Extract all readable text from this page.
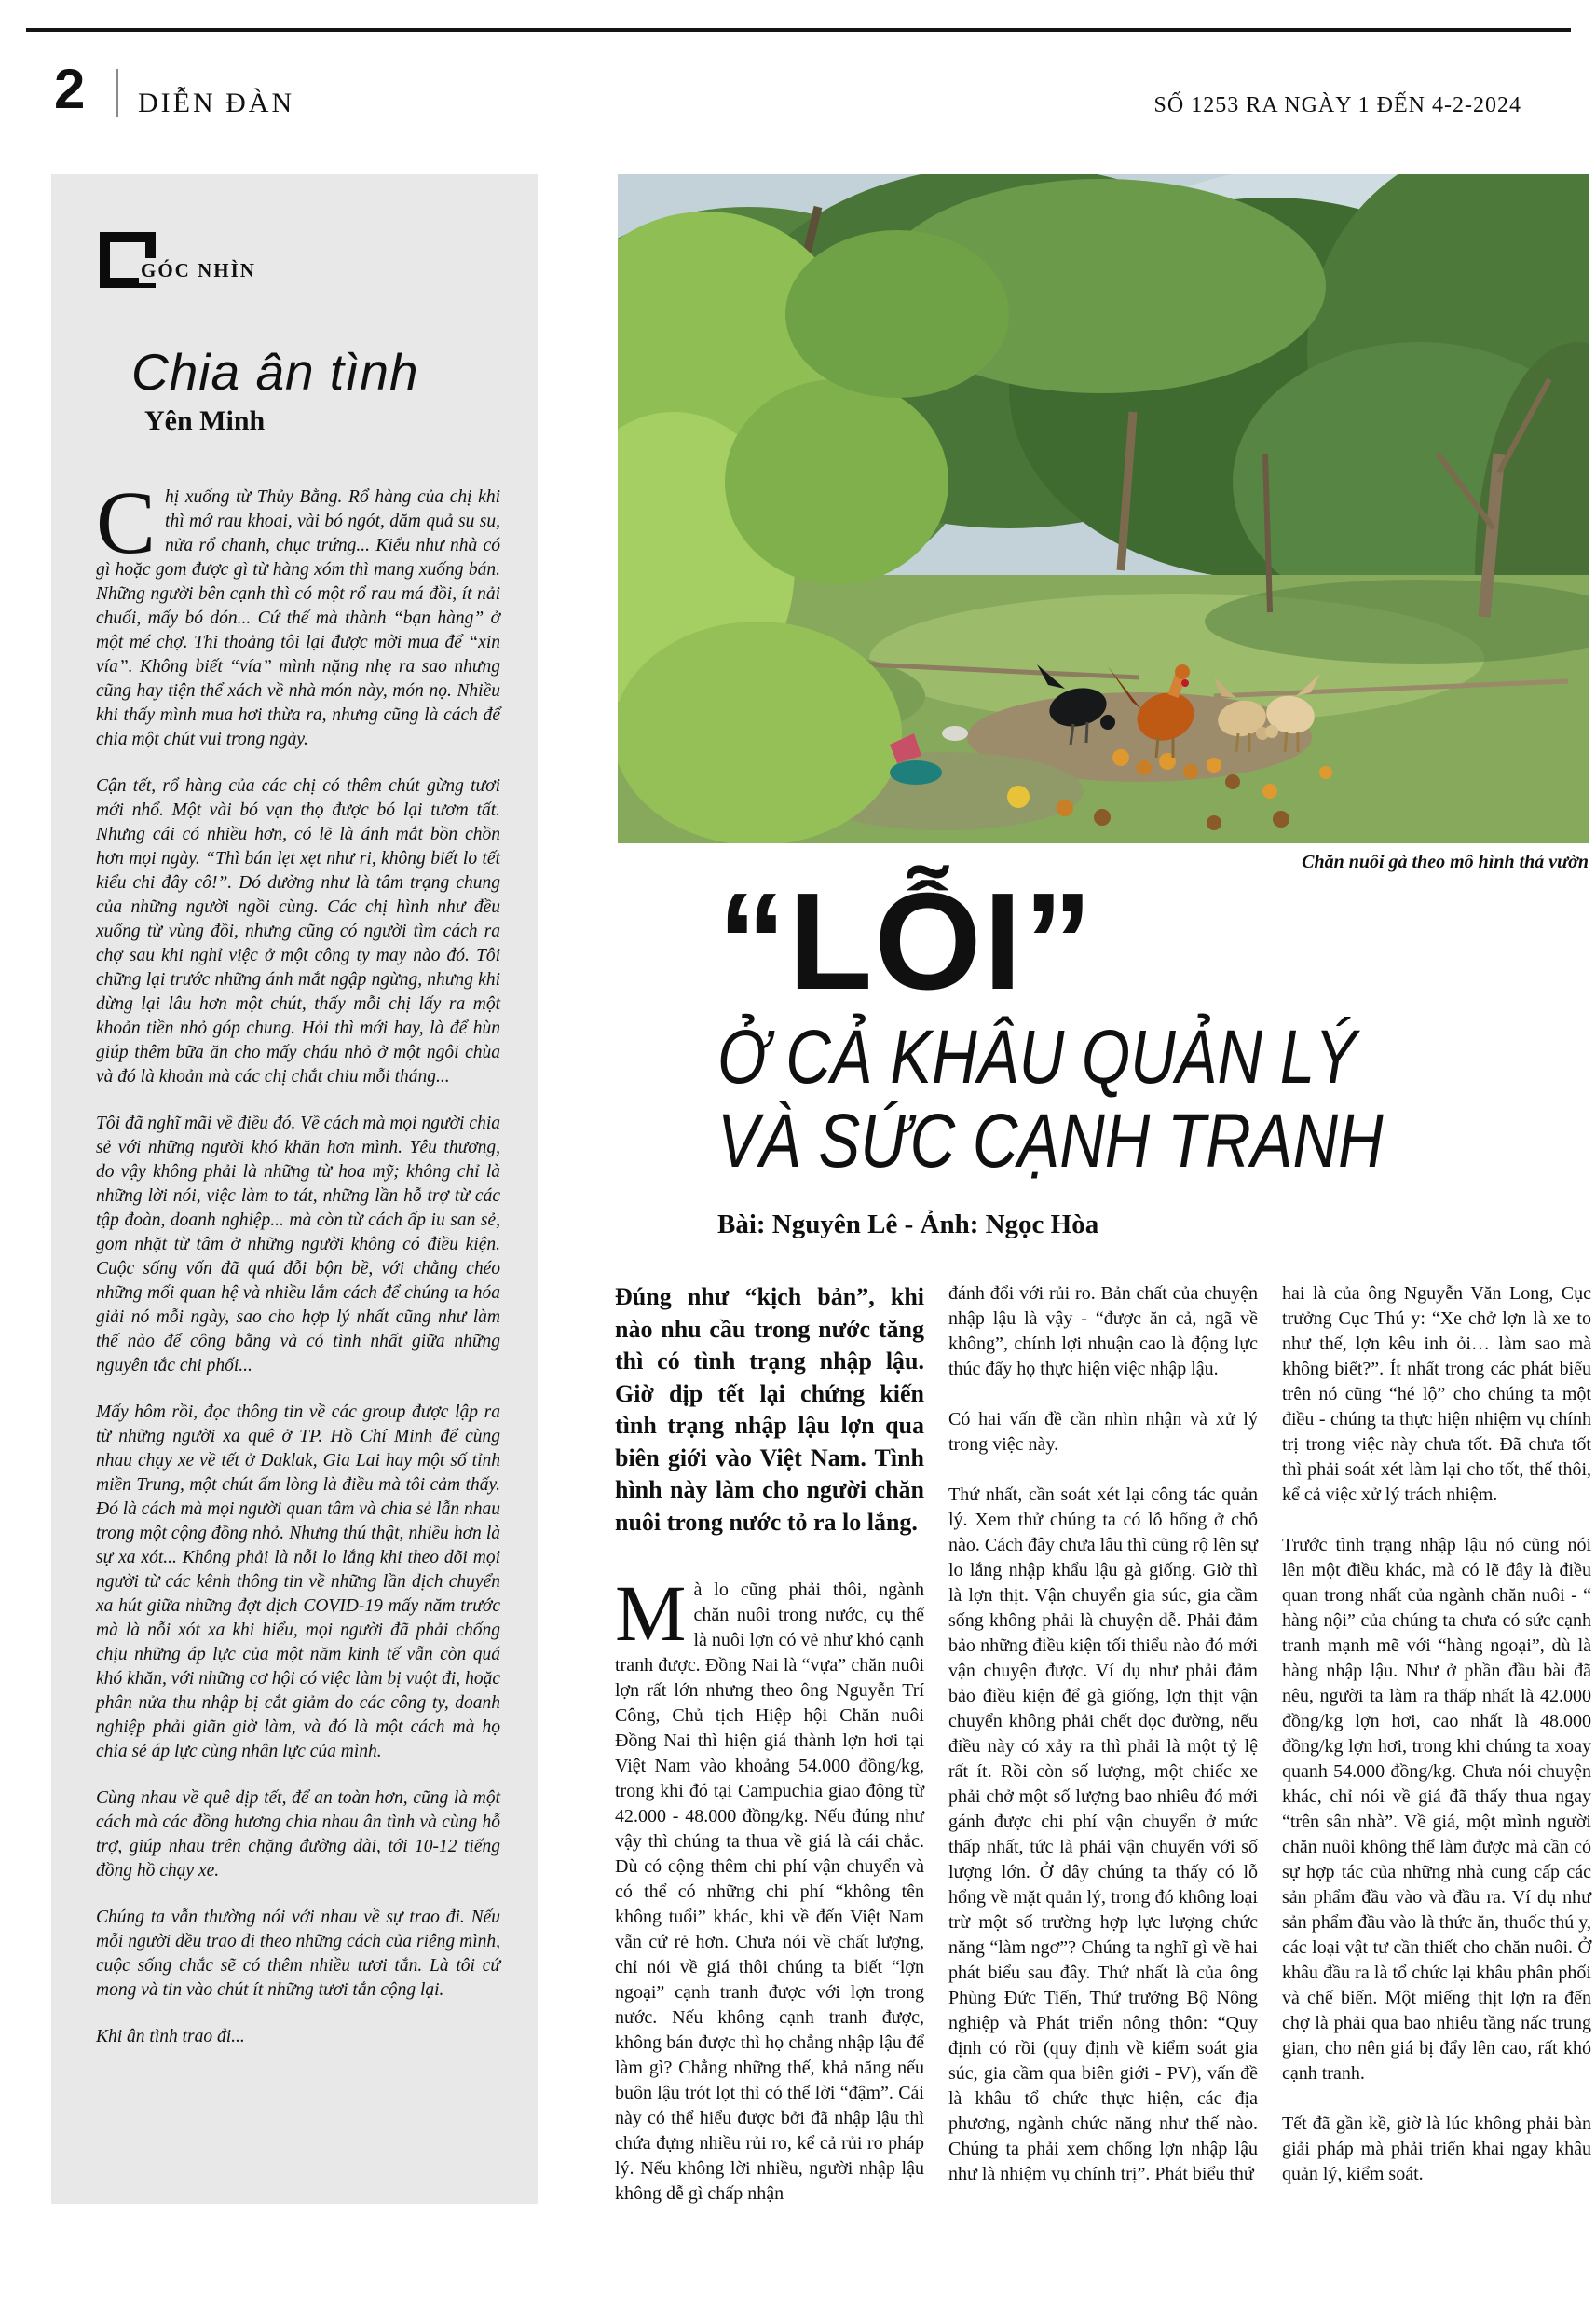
2 DIỄN ĐÀN	SỐ 1253 RA NGÀY 1 ĐẾN 4-2-2024
GÓC NHÌN
Chia ân tình
Yên Minh

Chị xuống từ Thủy Bằng. Rổ hàng của chị khi thì mớ rau khoai, vài bó ngót, dăm quả su su, nửa rổ chanh, chục trứng... Kiểu như nhà có gì hoặc gom được gì từ hàng xóm thì mang xuống bán. Những người bên cạnh thì có một rổ rau má đồi, ít nải chuối, mấy bó dón... Cứ thế mà thành “bạn hàng” ở một mé chợ. Thi thoảng tôi lại được mời mua để “xin vía”. Không biết “vía” mình nặng nhẹ ra sao nhưng cũng hay tiện thể xách về nhà món này, món nọ. Nhiều khi thấy mình mua hơi thừa ra, nhưng cũng là cách để chia một chút vui trong ngày.

Cận tết, rổ hàng của các chị có thêm chút gừng tươi mới nhổ. Một vài bó vạn thọ được bó lại tươm tất. Nhưng cái có nhiều hơn, có lẽ là ánh mắt bồn chồn hơn mọi ngày. “Thì bán lẹt xẹt như ri, không biết lo tết kiểu chi đây cô!”. Đó dường như là tâm trạng chung của những người ngồi cùng. Các chị hình như đều xuống từ vùng đồi, nhưng cũng có người tìm cách ra chợ sau khi nghỉ việc ở một công ty may nào đó. Tôi chững lại trước những ánh mắt ngập ngừng, nhưng khi dừng lại lâu hơn một chút, thấy mỗi chị lấy ra một khoản tiền nhỏ góp chung. Hỏi thì mới hay, là để hùn giúp thêm bữa ăn cho mấy cháu nhỏ ở một ngôi chùa và đó là khoản mà các chị chắt chiu mỗi tháng...

Tôi đã nghĩ mãi về điều đó. Về cách mà mọi người chia sẻ với những người khó khăn hơn mình. Yêu thương, do vậy không phải là những từ hoa mỹ; không chỉ là những lời nói, việc làm to tát, những lần hỗ trợ từ các tập đoàn, doanh nghiệp... mà còn từ cách ấp iu san sẻ, gom nhặt từ tâm ở những người không có điều kiện. Cuộc sống vốn đã quá đỗi bộn bề, với chằng chéo những mối quan hệ và nhiều lắm cách để chúng ta hóa giải nó mỗi ngày, sao cho hợp lý nhất cũng như làm thế nào để công bằng và có tình nhất giữa những nguyên tắc chi phối...

Mấy hôm rồi, đọc thông tin về các group được lập ra từ những người xa quê ở TP. Hồ Chí Minh để cùng nhau chạy xe về tết ở Daklak, Gia Lai hay một số tỉnh miền Trung, một chút ấm lòng là điều mà tôi cảm thấy. Đó là cách mà mọi người quan tâm và chia sẻ lẫn nhau trong một cộng đồng nhỏ. Nhưng thú thật, nhiều hơn là sự xa xót... Không phải là nỗi lo lắng khi theo dõi mọi người từ các kênh thông tin về những lần dịch chuyển xa hút giữa những đợt dịch COVID-19 mấy năm trước mà là nỗi xót xa khi hiểu, mọi người đã phải chống chịu những áp lực của một năm kinh tế vẫn còn quá khó khăn, với những cơ hội có việc làm bị vuột đi, hoặc phân nửa thu nhập bị cắt giảm do các công ty, doanh nghiệp phải giãn giờ làm, và đó là một cách mà họ chia sẻ áp lực cùng nhân lực của mình.

Cùng nhau về quê dịp tết, để an toàn hơn, cũng là một cách mà các đồng hương chia nhau ân tình và cùng hỗ trợ, giúp nhau trên chặng đường dài, tới 10-12 tiếng đồng hồ chạy xe.

Chúng ta vẫn thường nói với nhau về sự trao đi. Nếu mỗi người đều trao đi theo những cách của riêng mình, cuộc sống chắc sẽ có thêm nhiều tươi tắn. Là tôi cứ mong và tin vào chút ít những tươi tắn cộng lại.

Khi ân tình trao đi...

Chăn nuôi gà theo mô hình thả vườn
“LỖI”
Ở CẢ KHÂU QUẢN LÝ
VÀ SỨC CẠNH TRANH
Bài: Nguyên Lê - Ảnh: Ngọc Hòa

Đúng như “kịch bản”, khi nào nhu cầu trong nước tăng thì có tình trạng nhập lậu. Giờ dịp tết lại chứng kiến tình trạng nhập lậu lợn qua biên giới vào Việt Nam. Tình hình này làm cho người chăn nuôi trong nước tỏ ra lo lắng.

Mà lo cũng phải thôi, ngành chăn nuôi trong nước, cụ thể là nuôi lợn có vẻ như khó cạnh tranh được. Đồng Nai là “vựa” chăn nuôi lợn rất lớn nhưng theo ông Nguyễn Trí Công, Chủ tịch Hiệp hội Chăn nuôi Đồng Nai thì hiện giá thành lợn hơi tại Việt Nam vào khoảng 54.000 đồng/kg, trong khi đó tại Campuchia giao động từ 42.000 - 48.000 đồng/kg. Nếu đúng như vậy thì chúng ta thua về giá là cái chắc. Dù có cộng thêm chi phí vận chuyển và có thể có những chi phí “không tên không tuổi” khác, khi về đến Việt Nam vẫn cứ rẻ hơn. Chưa nói về chất lượng, chỉ nói về giá thôi chúng ta biết “lợn ngoại” cạnh tranh được với lợn trong nước. Nếu không cạnh tranh được, không bán được thì họ chẳng nhập lậu để làm gì? Chẳng những thế, khả năng nếu buôn lậu trót lọt thì có thể lời “đậm”. Cái này có thể hiểu được bởi đã nhập lậu thì chứa đựng nhiều rủi ro, kể cả rủi ro pháp lý. Nếu không lời nhiều, người nhập lậu không dễ gì chấp nhận

đánh đổi với rủi ro. Bản chất của chuyện nhập lậu là vậy - “được ăn cả, ngã về không”, chính lợi nhuận cao là động lực thúc đẩy họ thực hiện việc nhập lậu.

Có hai vấn đề cần nhìn nhận và xử lý trong việc này.

Thứ nhất, cần soát xét lại công tác quản lý. Xem thử chúng ta có lỗ hổng ở chỗ nào. Cách đây chưa lâu thì cũng rộ lên sự lo lắng nhập khẩu lậu gà giống. Giờ thì là lợn thịt. Vận chuyển gia súc, gia cầm sống không phải là chuyện dễ. Phải đảm bảo những điều kiện tối thiểu nào đó mới vận chuyện được. Ví dụ như phải đảm bảo điều kiện để gà giống, lợn thịt vận chuyển không phải chết dọc đường, nếu điều này có xảy ra thì phải là một tỷ lệ rất ít. Rồi còn số lượng, một chiếc xe phải chở một số lượng bao nhiêu đó mới gánh được chi phí vận chuyển ở mức thấp nhất, tức là phải vận chuyển với số lượng lớn. Ở đây chúng ta thấy có lỗ hổng về mặt quản lý, trong đó không loại trừ một số trường hợp lực lượng chức năng “làm ngơ”? Chúng ta nghĩ gì về hai phát biểu sau đây. Thứ nhất là của ông Phùng Đức Tiến, Thứ trưởng Bộ Nông nghiệp và Phát triển nông thôn: “Quy định có rồi (quy định về kiểm soát gia súc, gia cầm qua biên giới - PV), vấn đề là khâu tổ chức thực hiện, các địa phương, ngành chức năng như thế nào. Chúng ta phải xem chống lợn nhập lậu như là nhiệm vụ chính trị”. Phát biểu thứ

hai là của ông Nguyễn Văn Long, Cục trưởng Cục Thú y: “Xe chở lợn là xe to như thế, lợn kêu inh ỏi… làm sao mà không biết?”. Ít nhất trong các phát biểu trên nó cũng “hé lộ” cho chúng ta một điều - chúng ta thực hiện nhiệm vụ chính trị trong việc này chưa tốt. Đã chưa tốt thì phải soát xét làm lại cho tốt, thế thôi, kể cả việc xử lý trách nhiệm.

Trước tình trạng nhập lậu nó cũng nói lên một điều khác, mà có lẽ đây là điều quan trong nhất của ngành chăn nuôi - “ hàng nội” của chúng ta chưa có sức cạnh tranh mạnh mẽ với “hàng ngoại”, dù là hàng nhập lậu. Như ở phần đầu bài đã nêu, người ta làm ra thấp nhất là 42.000 đồng/kg lợn hơi, cao nhất là 48.000 đồng/kg lợn hơi, trong khi chúng ta xoay quanh 54.000 đồng/kg. Chưa nói chuyện khác, chỉ nói về giá đã thấy thua ngay “trên sân nhà”. Về giá, một mình người chăn nuôi không thể làm được mà cần có sự hợp tác của những nhà cung cấp các sản phẩm đầu vào và đầu ra. Ví dụ như sản phẩm đầu vào là thức ăn, thuốc thú y, các loại vật tư cần thiết cho chăn nuôi. Ở khâu đầu ra là tổ chức lại khâu phân phối và chế biến. Một miếng thịt lợn ra đến chợ là phải qua bao nhiêu tầng nấc trung gian, cho nên giá bị đẩy lên cao, rất khó cạnh tranh.

Tết đã gần kề, giờ là lúc không phải bàn giải pháp mà phải triển khai ngay khâu quản lý, kiểm soát.
